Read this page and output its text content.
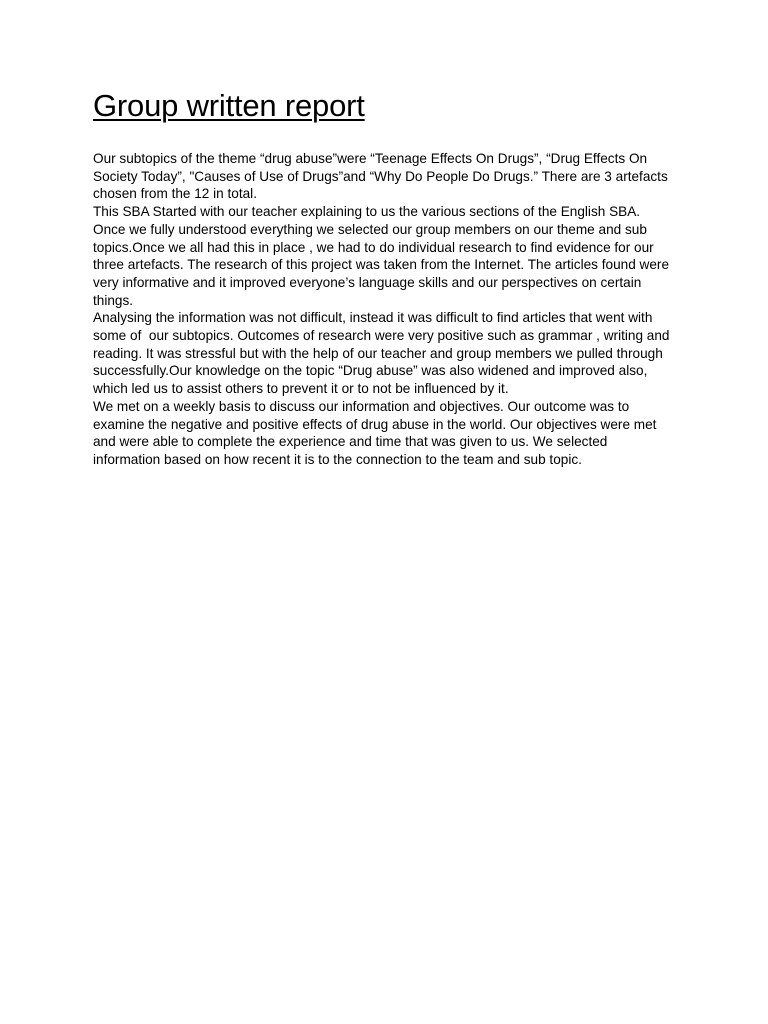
Group written report

Our subtopics of the theme “drug abuse”were “Teenage Effects On Drugs”, “Drug Effects On Society Today”, "Causes of Use of Drugs”and “Why Do People Do Drugs.” There are 3 artefacts chosen from the 12 in total.

This SBA Started with our teacher explaining to us the various sections of the English SBA. Once we fully understood everything we selected our group members on our theme and sub topics.Once we all had this in place , we had to do individual research to find evidence for our three artefacts. The research of this project was taken from the Internet. The articles found were very informative and it improved everyone’s language skills and our perspectives on certain things.

Analysing the information was not difficult, instead it was difficult to find articles that went with some of  our subtopics. Outcomes of research were very positive such as grammar , writing and reading. It was stressful but with the help of our teacher and group members we pulled through successfully.Our knowledge on the topic “Drug abuse” was also widened and improved also, which led us to assist others to prevent it or to not be influenced by it.

We met on a weekly basis to discuss our information and objectives. Our outcome was to examine the negative and positive effects of drug abuse in the world. Our objectives were met and were able to complete the experience and time that was given to us. We selected information based on how recent it is to the connection to the team and sub topic.
